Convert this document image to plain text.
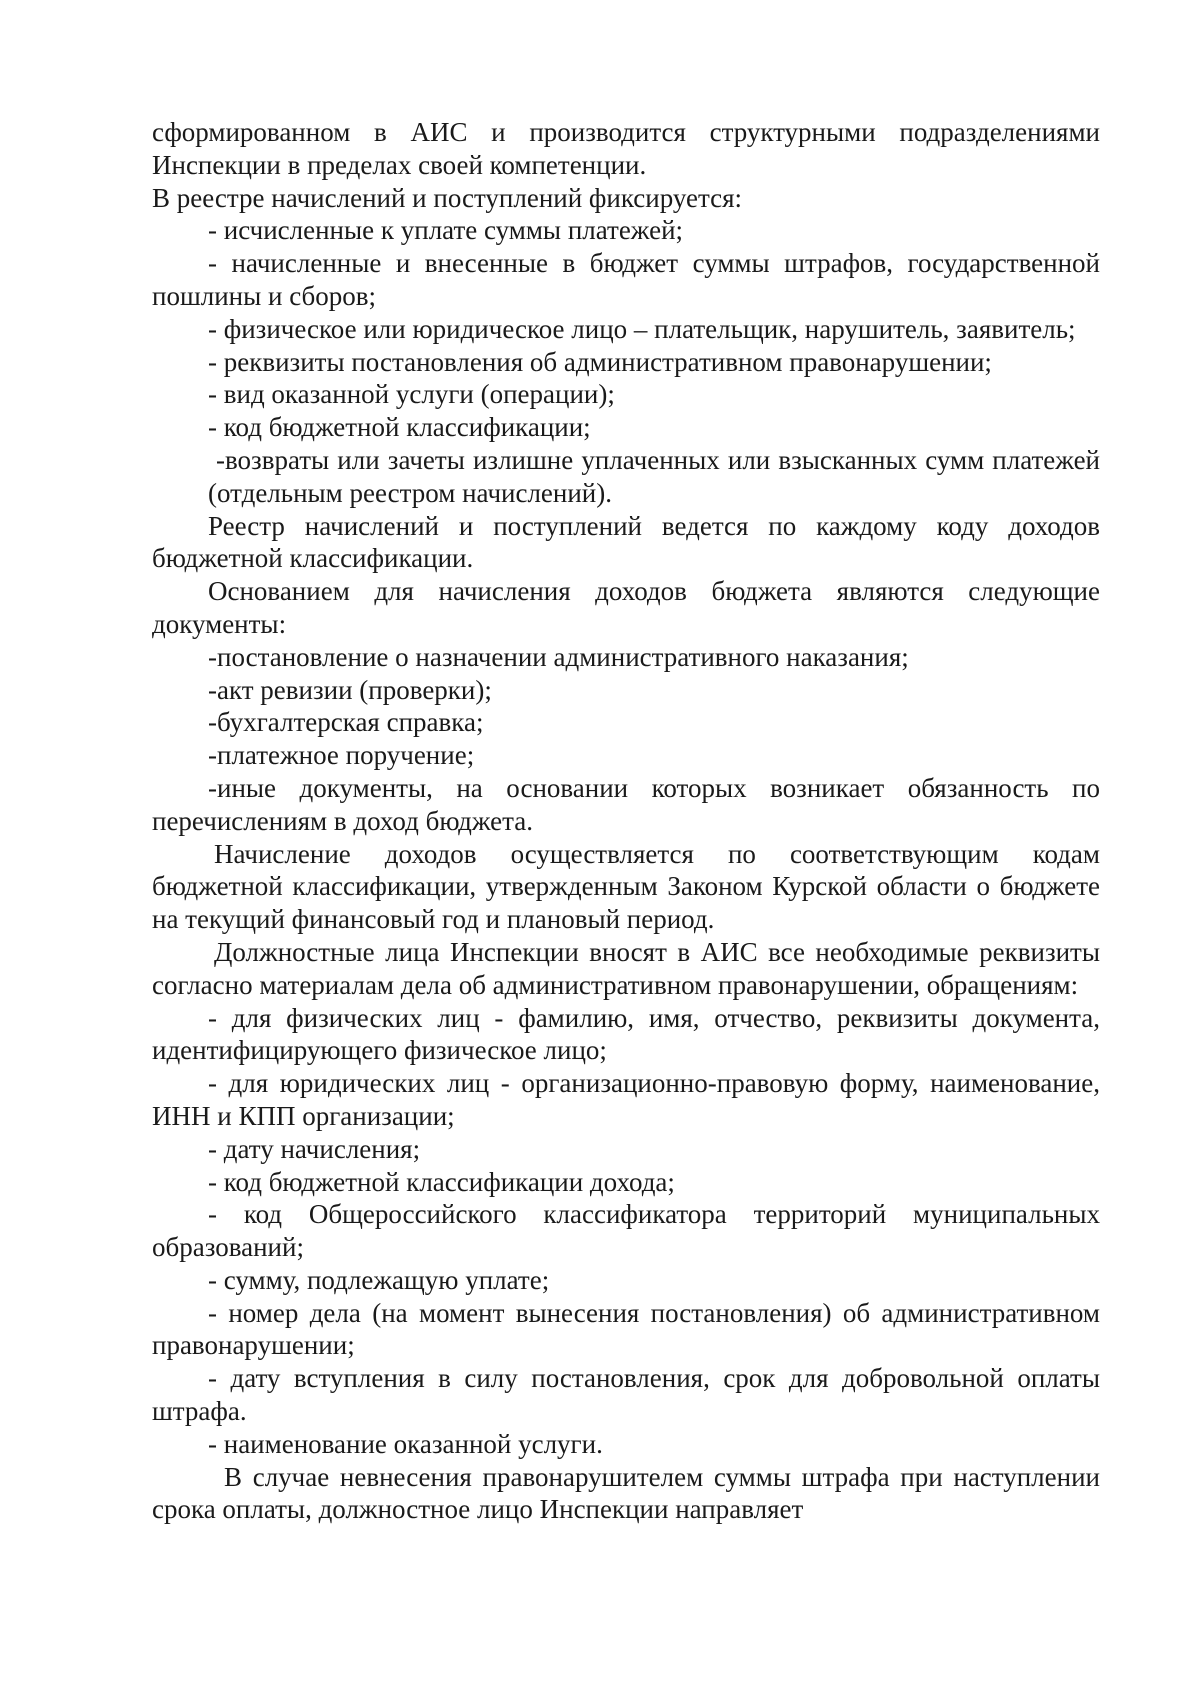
сформированном в АИС и производится структурными подразделениями Инспекции в пределах своей компетенции.

В реестре начислений и поступлений фиксируется:

- исчисленные к уплате суммы платежей;

- начисленные и внесенные в бюджет суммы штрафов, государственной пошлины и сборов;

- физическое или юридическое лицо – плательщик, нарушитель, заявитель;

- реквизиты постановления об административном правонарушении;

- вид оказанной услуги (операции);

- код бюджетной классификации;

-возвраты или зачеты излишне уплаченных или взысканных сумм платежей (отдельным реестром начислений).

Реестр начислений и поступлений ведется по каждому коду доходов бюджетной классификации.

Основанием для начисления доходов бюджета являются следующие документы:

-постановление о назначении административного наказания;

-акт ревизии (проверки);

-бухгалтерская справка;

-платежное поручение;

-иные документы, на основании которых возникает обязанность по перечислениям в доход бюджета.

Начисление доходов осуществляется по соответствующим кодам бюджетной классификации, утвержденным Законом Курской области о бюджете на текущий финансовый год и плановый период.

Должностные лица Инспекции вносят в АИС все необходимые реквизиты согласно материалам дела об административном правонарушении, обращениям:

- для физических лиц - фамилию, имя, отчество, реквизиты документа, идентифицирующего физическое лицо;

- для юридических лиц - организационно-правовую форму, наименование, ИНН и КПП организации;

- дату начисления;

- код бюджетной классификации дохода;

- код Общероссийского классификатора территорий муниципальных образований;

- сумму, подлежащую уплате;

- номер дела (на момент вынесения постановления) об административном правонарушении;

- дату вступления в силу постановления, срок для добровольной оплаты штрафа.

- наименование оказанной услуги.

В случае невнесения правонарушителем суммы штрафа при наступлении срока оплаты, должностное лицо Инспекции направляет
